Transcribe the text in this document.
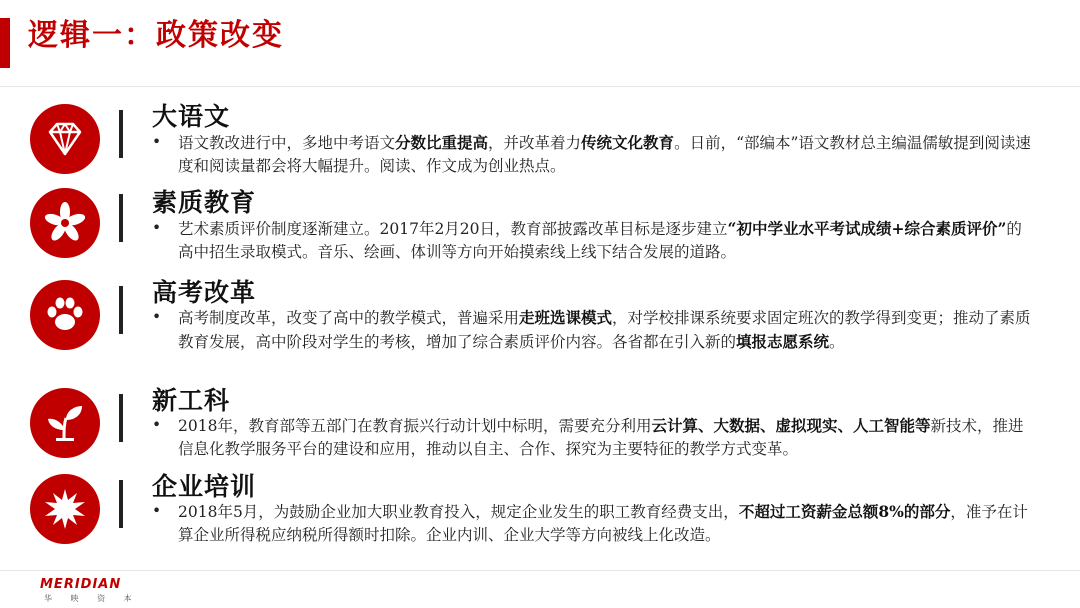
逻辑一：政策改变
大语文
•	语文教改进行中，多地中考语文分数比重提高，并改革着力传统文化教育。日前，“部编本”语文教材总主编温儒敏提到阅读速度和阅读量都会将大幅提升。阅读、作文成为创业热点。
素质教育
•	艺术素质评价制度逐渐建立。2017年2月20日，教育部披露改革目标是逐步建立“初中学业水平考试成绩+综合素质评价”的高中招生录取模式。音乐、绘画、体训等方向开始摸索线上线下结合发展的道路。
高考改革
•	高考制度改革，改变了高中的教学模式，普遍采用走班选课模式，对学校排课系统要求固定班次的教学得到变更；推动了素质教育发展，高中阶段对学生的考核，增加了综合素质评价内容。各省都在引入新的填报志愿系统。
新工科
•	2018年，教育部等五部门在教育振兴行动计划中标明，需要充分利用云计算、大数据、虚拟现实、人工智能等新技术，推进信息化教学服务平台的建设和应用，推动以自主、合作、探究为主要特征的教学方式变革。
企业培训
•	2018年5月，为鼓励企业加大职业教育投入，规定企业发生的职工教育经费支出，不超过工资薪金总额8%的部分，准予在计算企业所得税应纳税所得额时扣除。企业内训、企业大学等方向被线上化改造。
MERIDIAN
华 映 资 本
